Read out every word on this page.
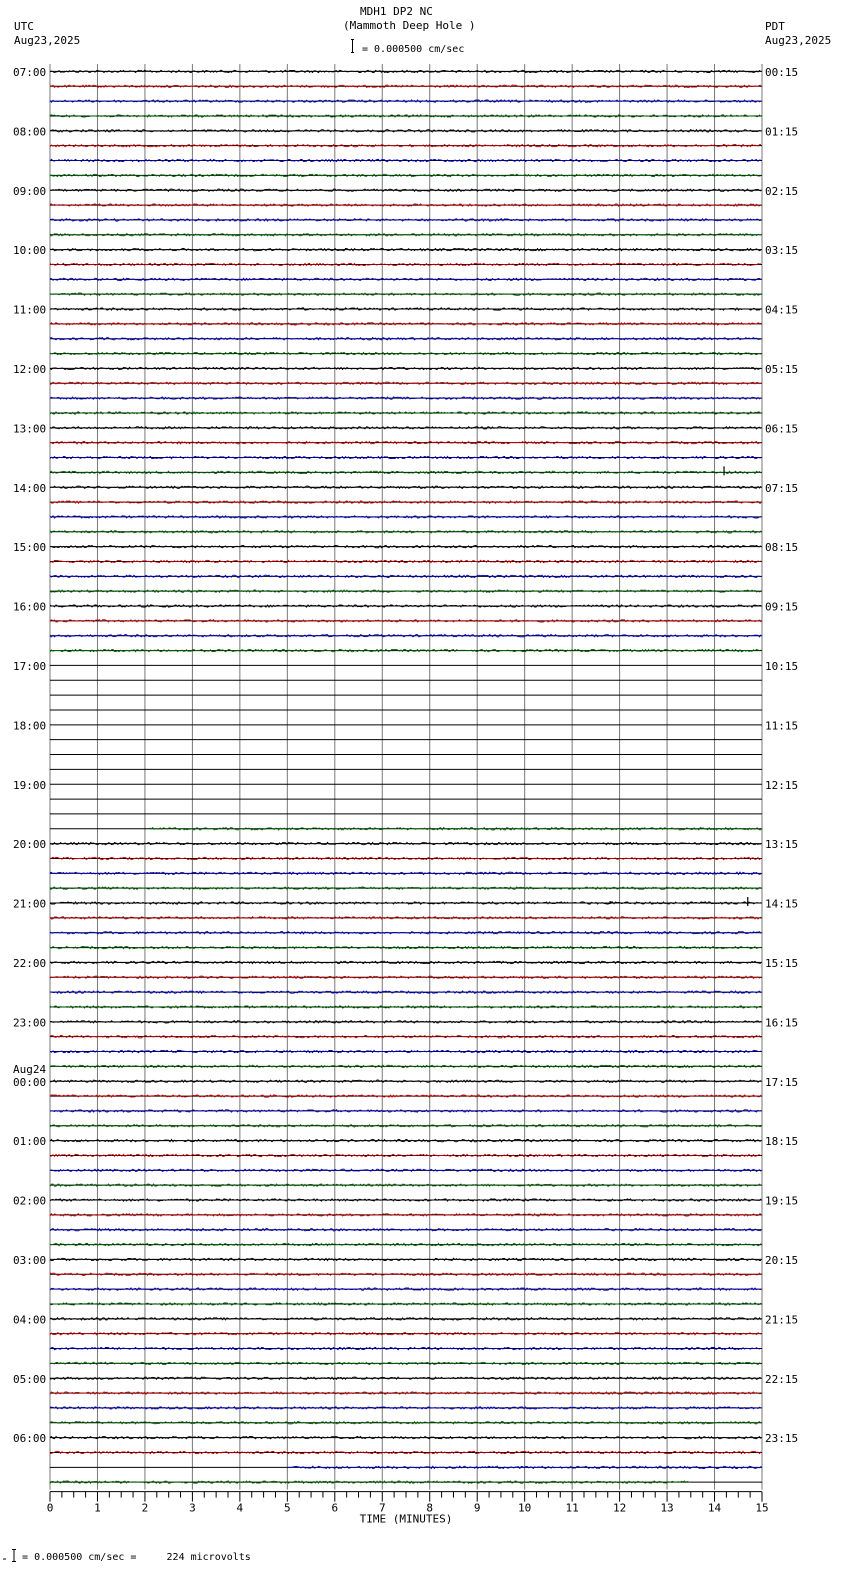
MDH1 DP2 NC
(Mammoth Deep Hole )
= 0.000500 cm/sec
UTC
Aug23,2025
PDT
Aug23,2025
07:00	00:15
08:00	01:15
09:00	02:15
10:00	03:15
11:00	04:15
12:00	05:15
13:00	06:15
14:00	07:15
15:00	08:15
16:00	09:15
17:00	10:15
18:00	11:15
19:00	12:15
20:00	13:15
21:00	14:15
22:00	15:15
23:00	16:15
00:00	17:15
01:00	18:15
02:00	19:15
03:00	20:15
04:00	21:15
05:00	22:15
06:00	23:15
Aug24
0	1	2	3	4	5	6	7	8	9	10	11	12	13	14	15
TIME (MINUTES)
= 0.000500 cm/sec =     224 microvolts
